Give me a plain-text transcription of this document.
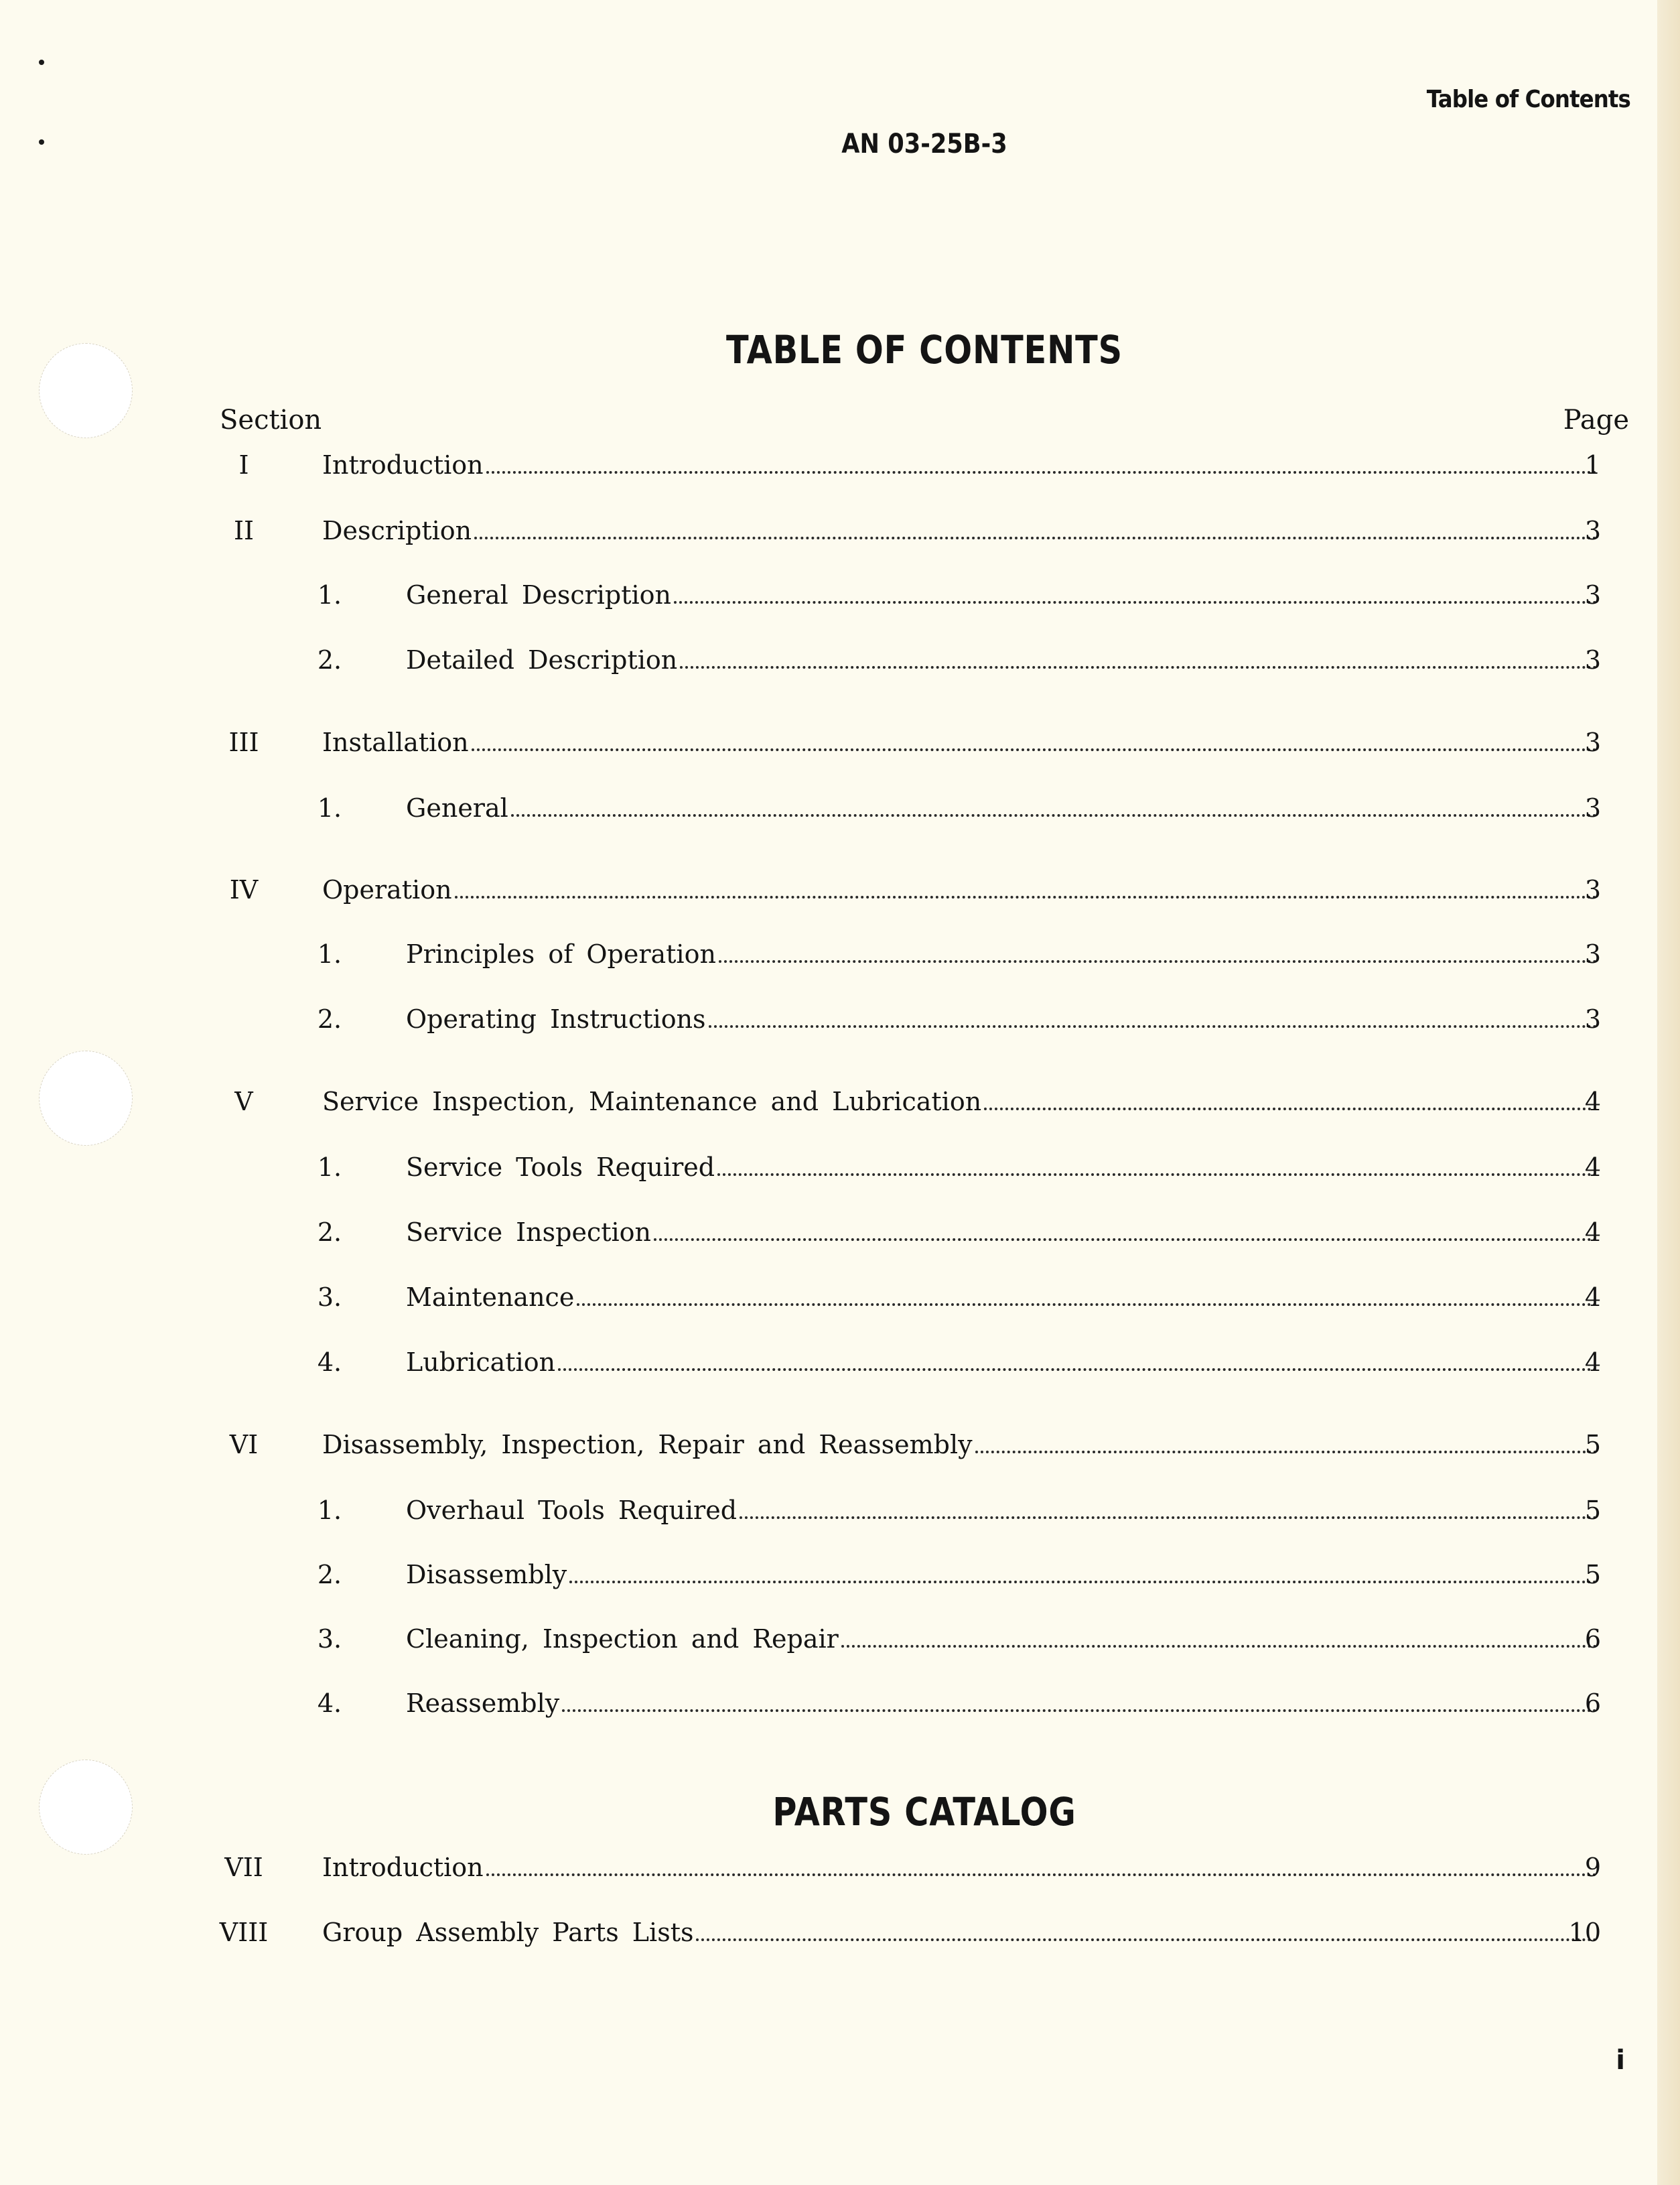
Table of Contents
AN 03-25B-3
TABLE OF CONTENTS
Section	Page
I	Introduction	1
II	Description	3
1.	General Description	3
2.	Detailed Description	3
III	Installation	3
1.	General	3
IV	Operation	3
1.	Principles of Operation	3
2.	Operating Instructions	3
V	Service Inspection, Maintenance and Lubrication	4
1.	Service Tools Required	4
2.	Service Inspection	4
3.	Maintenance	4
4.	Lubrication	4
VI	Disassembly, Inspection, Repair and Reassembly	5
1.	Overhaul Tools Required	5
2.	Disassembly	5
3.	Cleaning, Inspection and Repair	6
4.	Reassembly	6
PARTS CATALOG
VII	Introduction	9
VIII	Group Assembly Parts Lists	10
i
